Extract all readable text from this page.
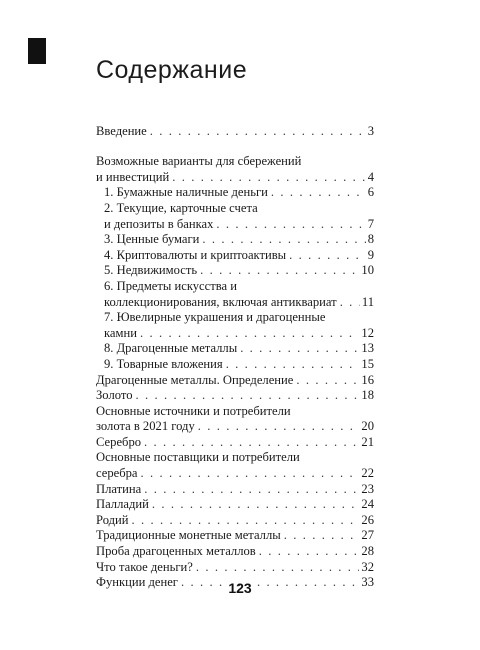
Содержание
Введение . . .	3
Возможные варианты для сбережений
и инвестиций . . .	4
1. Бумажные наличные деньги . . .	6
2. Текущие, карточные счета
и депозиты в банках . . .	7
3. Ценные бумаги . . .	8
4. Криптовалюты и криптоактивы . . .	9
5. Недвижимость . . .	10
6. Предметы искусства и
коллекционирования, включая антиквариат . . . 11
7. Ювелирные украшения и драгоценные
камни . . .	12
8. Драгоценные металлы . . .	13
9. Товарные вложения . . .	15
Драгоценные металлы. Определение . . .	16
Золото . . .	18
Основные источники и потребители
золота в 2021 году . . .	20
Серебро . . .	21
Основные поставщики и потребители
серебра . . .	22
Платина . . .	23
Палладий . . .	24
Родий . . .	26
Традиционные монетные металлы . . .	27
Проба драгоценных металлов . . .	28
Что такое деньги? . . .	32
Функции денег . . .	33
123
